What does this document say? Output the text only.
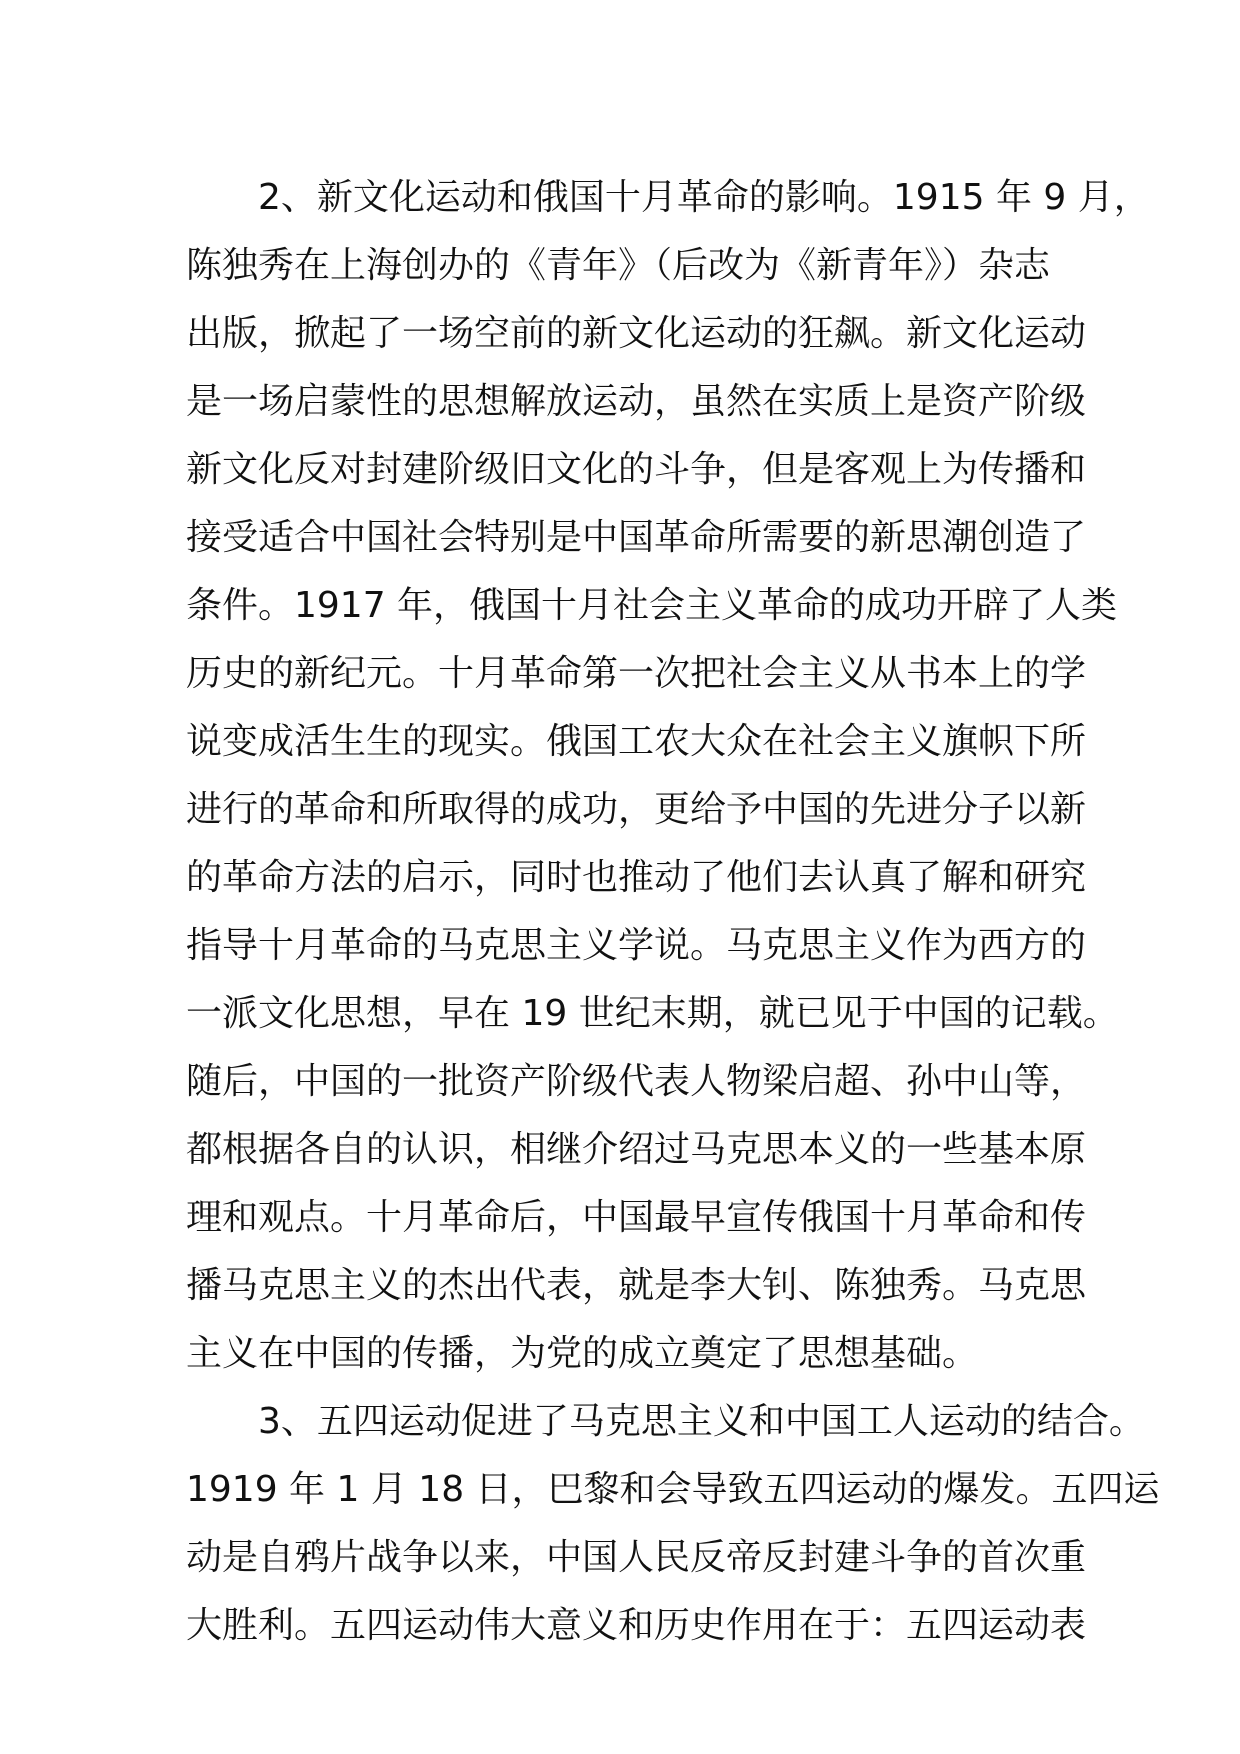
2、新文化运动和俄国十月革命的影响。1915 年 9 月，
陈独秀在上海创办的《青年》（后改为《新青年》）杂志
出版，掀起了一场空前的新文化运动的狂飙。新文化运动
是一场启蒙性的思想解放运动，虽然在实质上是资产阶级
新文化反对封建阶级旧文化的斗争，但是客观上为传播和
接受适合中国社会特别是中国革命所需要的新思潮创造了
条件。1917 年，俄国十月社会主义革命的成功开辟了人类
历史的新纪元。十月革命第一次把社会主义从书本上的学
说变成活生生的现实。俄国工农大众在社会主义旗帜下所
进行的革命和所取得的成功，更给予中国的先进分子以新
的革命方法的启示，同时也推动了他们去认真了解和研究
指导十月革命的马克思主义学说。马克思主义作为西方的
一派文化思想，早在 19 世纪末期，就已见于中国的记载。
随后，中国的一批资产阶级代表人物梁启超、孙中山等，
都根据各自的认识，相继介绍过马克思本义的一些基本原
理和观点。十月革命后，中国最早宣传俄国十月革命和传
播马克思主义的杰出代表，就是李大钊、陈独秀。马克思
主义在中国的传播，为党的成立奠定了思想基础。
3、五四运动促进了马克思主义和中国工人运动的结合。
1919 年 1 月 18 日，巴黎和会导致五四运动的爆发。五四运
动是自鸦片战争以来，中国人民反帝反封建斗争的首次重
大胜利。五四运动伟大意义和历史作用在于：五四运动表
